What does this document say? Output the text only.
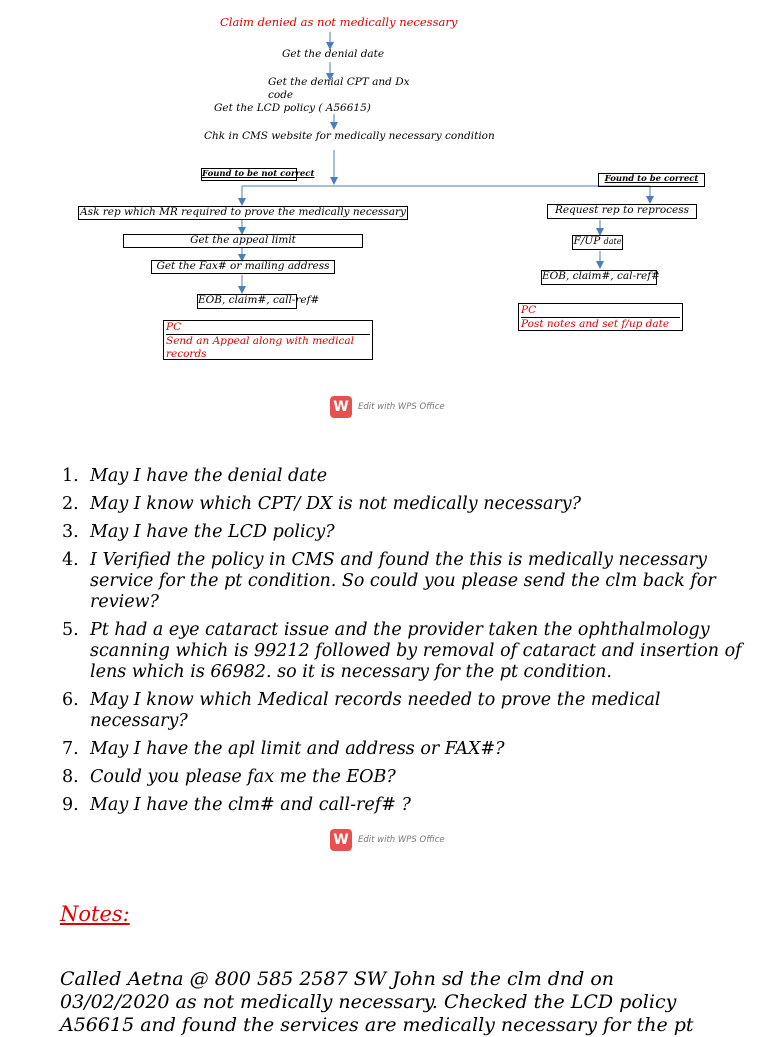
Claim denied as not medically necessary
Get the denial date
Get the denial CPT and Dx
code
Get the LCD policy ( A56615)
Chk in CMS website for medically necessary condition
Found to be not correct	Found to be correct
Ask rep which MR required to prove the medically necessary
Get the appeal limit
Get the Fax# or mailing address
EOB, claim#, call-ref#
PC
Send an Appeal along with medical records
Request rep to reprocess
F/UP date
EOB, claim#, cal-ref#
PC
Post notes and set f/up date
W	Edit with WPS Office
1. May I have the denial date
2. May I know which CPT/ DX is not medically necessary?
3. May I have the LCD policy?
4. I Verified the policy in CMS and found the this is medically necessary service for the pt condition. So could you please send the clm back for review?
5. Pt had a eye cataract issue and the provider taken the ophthalmology scanning which is 99212 followed by removal of cataract and insertion of lens which is 66982. so it is necessary for the pt condition.
6. May I know which Medical records needed to prove the medical necessary?
7. May I have the apl limit and address or FAX#?
8. Could you please fax me the EOB?
9. May I have the clm# and call-ref# ?
W	Edit with WPS Office
Notes:
Called Aetna @ 800 585 2587 SW John sd the clm dnd on
03/02/2020 as not medically necessary. Checked the LCD policy
A56615 and found the services are medically necessary for the pt
